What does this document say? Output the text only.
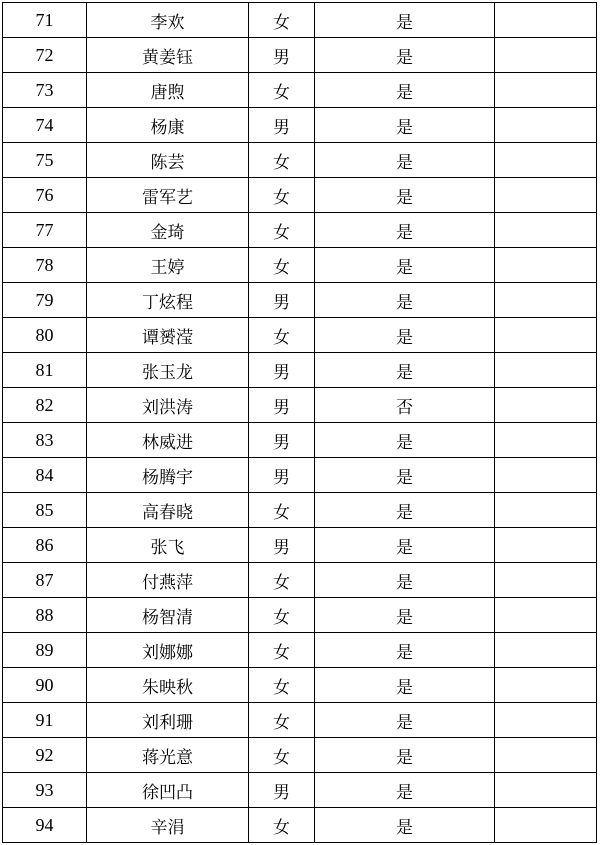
71	李欢	女	是	
72	黄姜钰	男	是	
73	唐煦	女	是	
74	杨康	男	是	
75	陈芸	女	是	
76	雷军艺	女	是	
77	金琦	女	是	
78	王婷	女	是	
79	丁炫程	男	是	
80	谭赟滢	女	是	
81	张玉龙	男	是	
82	刘洪涛	男	否	
83	林威进	男	是	
84	杨腾宇	男	是	
85	高春晓	女	是	
86	张飞	男	是	
87	付燕萍	女	是	
88	杨智清	女	是	
89	刘娜娜	女	是	
90	朱映秋	女	是	
91	刘利珊	女	是	
92	蒋光意	女	是	
93	徐凹凸	男	是	
94	辛涓	女	是	
